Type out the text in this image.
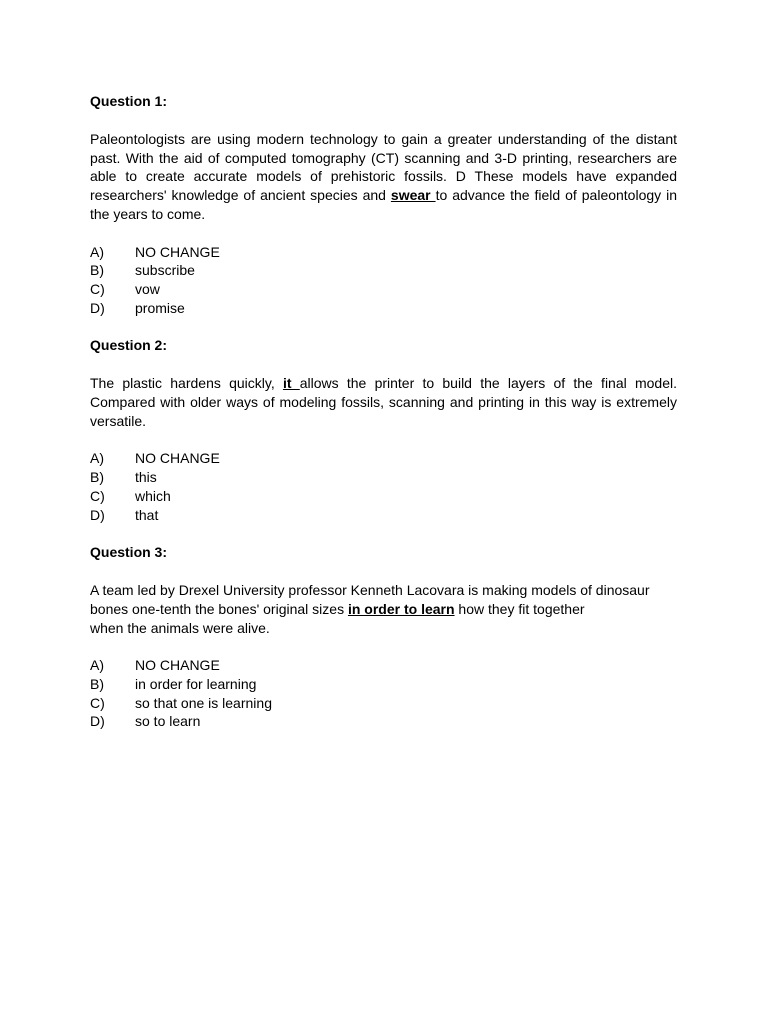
Question 1:

Paleontologists are using modern technology to gain a greater understanding of the distant past. With the aid of computed tomography (CT) scanning and 3-D printing, researchers are able to create accurate models of prehistoric fossils. D These models have expanded researchers' knowledge of ancient species and swear to advance the field of paleontology in the years to come.

A)	NO CHANGE
B)	subscribe
C)	vow
D)	promise

Question 2:

The plastic hardens quickly, it allows the printer to build the layers of the final model. Compared with older ways of modeling fossils, scanning and printing in this way is extremely versatile.

A)	NO CHANGE
B)	this
C)	which
D)	that

Question 3:

A team led by Drexel University professor Kenneth Lacovara is making models of dinosaur bones one-tenth the bones' original sizes in order to learn how they fit together
when the animals were alive.

A)	NO CHANGE
B)	in order for learning
C)	so that one is learning
D)	so to learn
